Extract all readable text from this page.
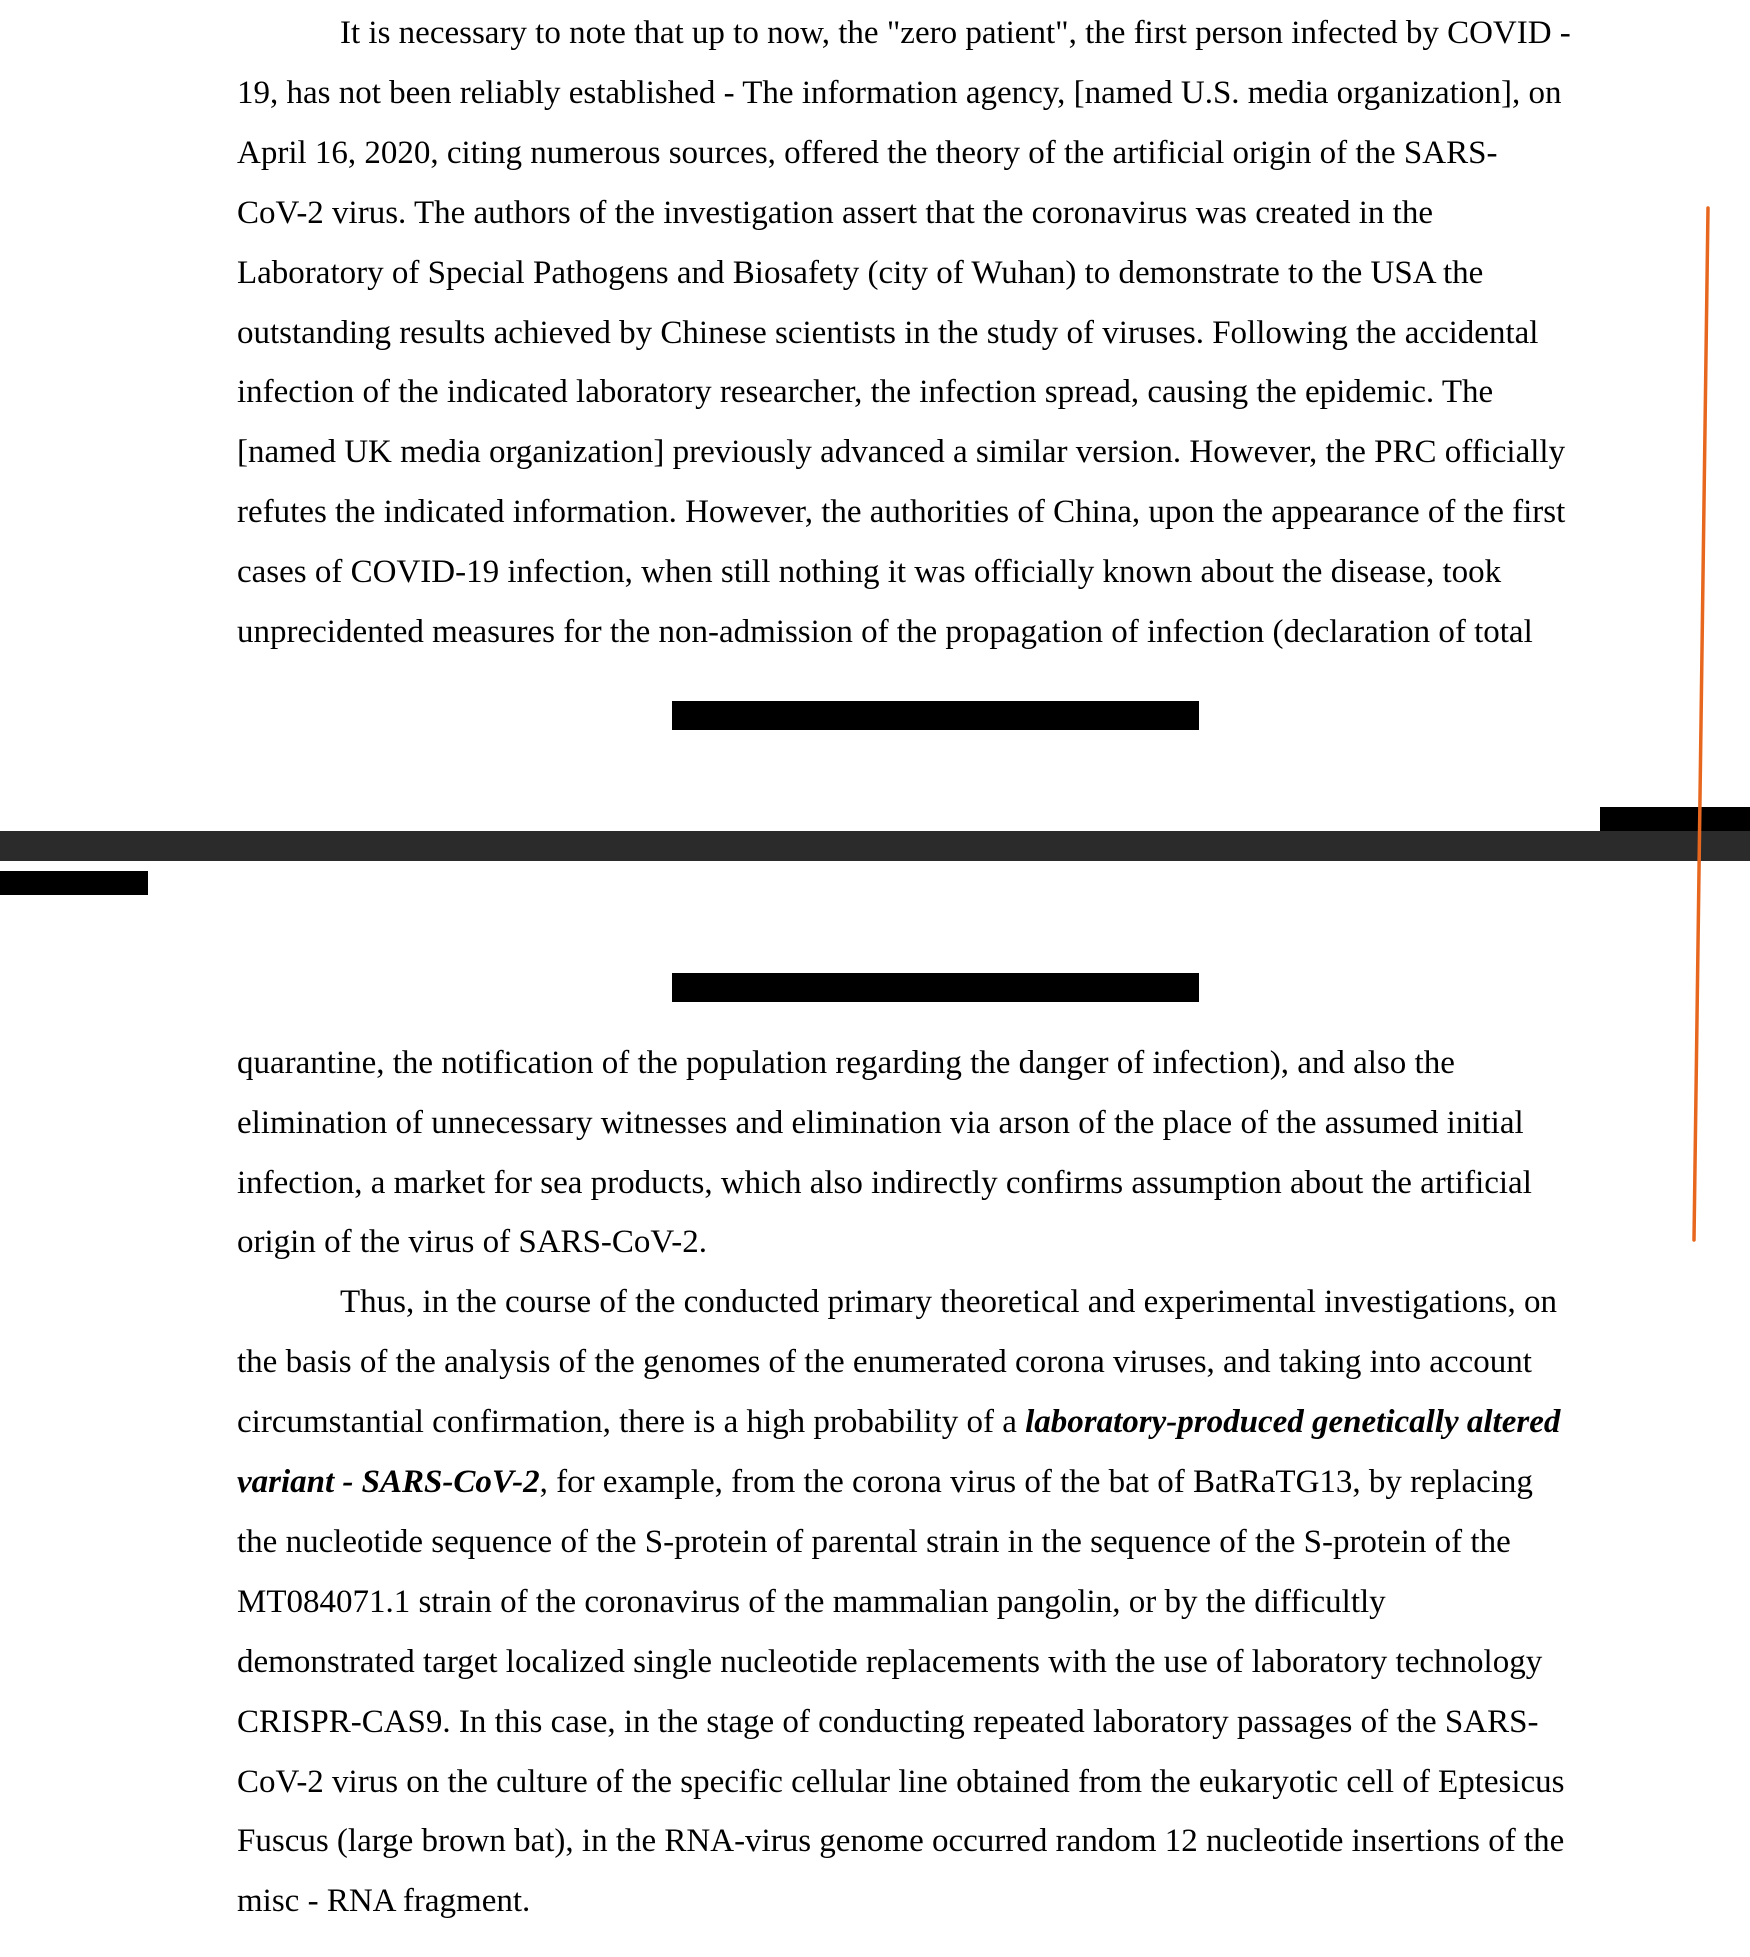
It is necessary to note that up to now, the "zero patient", the first person infected by COVID -
19, has not been reliably established - The information agency, [named U.S. media organization], on
April 16, 2020, citing numerous sources, offered the theory of the artificial origin of the SARS-
CoV-2 virus. The authors of the investigation assert that the coronavirus was created in the
Laboratory of Special Pathogens and Biosafety (city of Wuhan) to demonstrate to the USA the
outstanding results achieved by Chinese scientists in the study of viruses. Following the accidental
infection of the indicated laboratory researcher, the infection spread, causing the epidemic. The
[named UK media organization] previously advanced a similar version. However, the PRC officially
refutes the indicated information. However, the authorities of China, upon the appearance of the first
cases of COVID-19 infection, when still nothing it was officially known about the disease, took
unprecidented measures for the non-admission of the propagation of infection (declaration of total
quarantine, the notification of the population regarding the danger of infection), and also the
elimination of unnecessary witnesses and elimination via arson of the place of the assumed initial
infection, a market for sea products, which also indirectly confirms assumption about the artificial
origin of the virus of SARS-CoV-2.
Thus, in the course of the conducted primary theoretical and experimental investigations, on
the basis of the analysis of the genomes of the enumerated corona viruses, and taking into account
circumstantial confirmation, there is a high probability of a laboratory-produced genetically altered
variant - SARS-CoV-2, for example, from the corona virus of the bat of BatRaTG13, by replacing
the nucleotide sequence of the S-protein of parental strain in the sequence of the S-protein of the
MT084071.1 strain of the coronavirus of the mammalian pangolin, or by the difficultly
demonstrated target localized single nucleotide replacements with the use of laboratory technology
CRISPR-CAS9. In this case, in the stage of conducting repeated laboratory passages of the SARS-
CoV-2 virus on the culture of the specific cellular line obtained from the eukaryotic cell of Eptesicus
Fuscus (large brown bat), in the RNA-virus genome occurred random 12 nucleotide insertions of the
misc - RNA fragment.
